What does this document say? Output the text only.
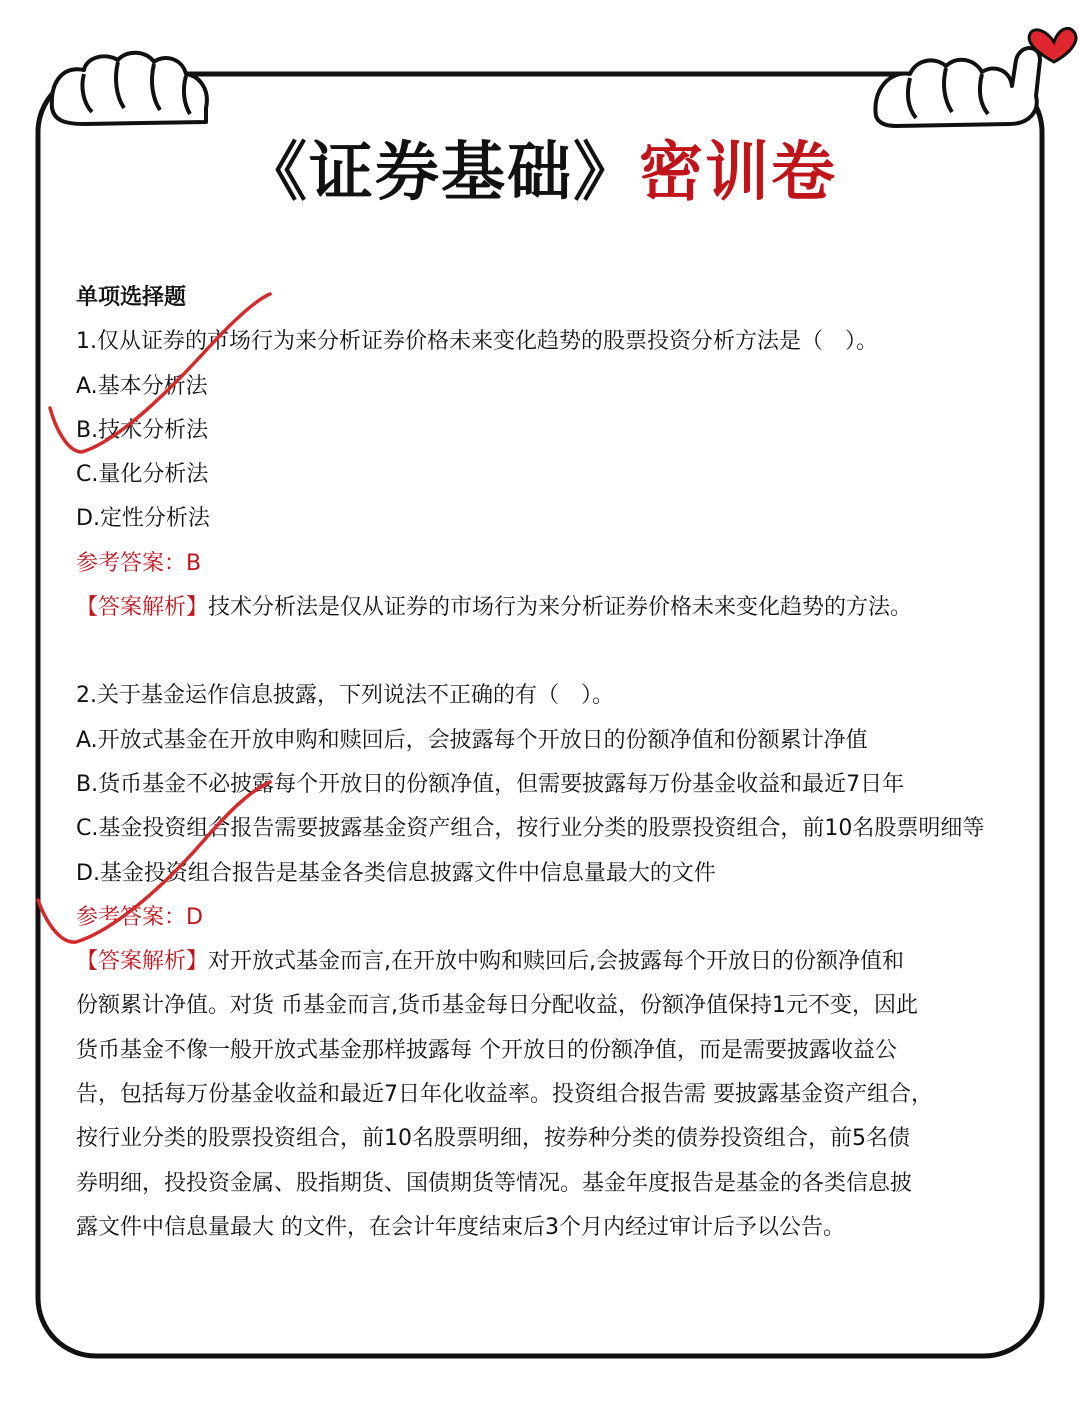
《证券基础》密训卷
单项选择题
1.仅从证券的市场行为来分析证券价格未来变化趋势的股票投资分析方法是（　）。
A.基本分析法
B.技术分析法
C.量化分析法
D.定性分析法
参考答案：B
【答案解析】技术分析法是仅从证券的市场行为来分析证券价格未来变化趋势的方法。
2.关于基金运作信息披露，下列说法不正确的有（　）。
A.开放式基金在开放申购和赎回后，会披露每个开放日的份额净值和份额累计净值
B.货币基金不必披露每个开放日的份额净值，但需要披露每万份基金收益和最近7日年
C.基金投资组合报告需要披露基金资产组合，按行业分类的股票投资组合，前10名股票明细等
D.基金投资组合报告是基金各类信息披露文件中信息量最大的文件
参考答案：D
【答案解析】对开放式基金而言,在开放中购和赎回后,会披露每个开放日的份额净值和
份额累计净值。对货 币基金而言,货币基金每日分配收益，份额净值保持1元不变，因此
货币基金不像一般开放式基金那样披露每 个开放日的份额净值，而是需要披露收益公
告，包括每万份基金收益和最近7日年化收益率。投资组合报告需 要披露基金资产组合，
按行业分类的股票投资组合，前10名股票明细，按券种分类的债券投资组合，前5名债
券明细，投投资金属、股指期货、国债期货等情况。基金年度报告是基金的各类信息披
露文件中信息量最大 的文件，在会计年度结束后3个月内经过审计后予以公告。
